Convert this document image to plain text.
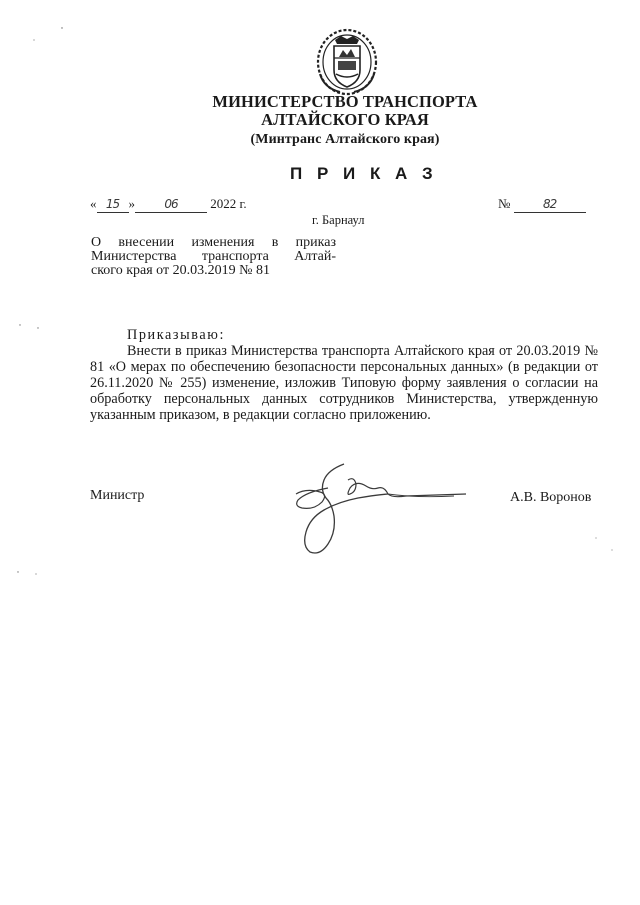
МИНИСТЕРСТВО ТРАНСПОРТА
АЛТАЙСКОГО КРАЯ
(Минтранс Алтайского края)
П Р И К А З
« 15 »	06	2022 г.	№	82

г. Барнаул
О внесении изменения в приказ
Министерства транспорта Алтай-
ского края от 20.03.2019 № 81
Приказываю:
Внести в приказ Министерства транспорта Алтайского края от 20.03.2019 № 81 «О мерах по обеспечению безопасности персональных данных» (в редакции от 26.11.2020 № 255) изменение, изложив Типовую форму заявления о согласии на обработку персональных данных сотрудников Министерства, утвержденную указанным приказом, в редакции согласно приложению.
Министр	А.В. Воронов
